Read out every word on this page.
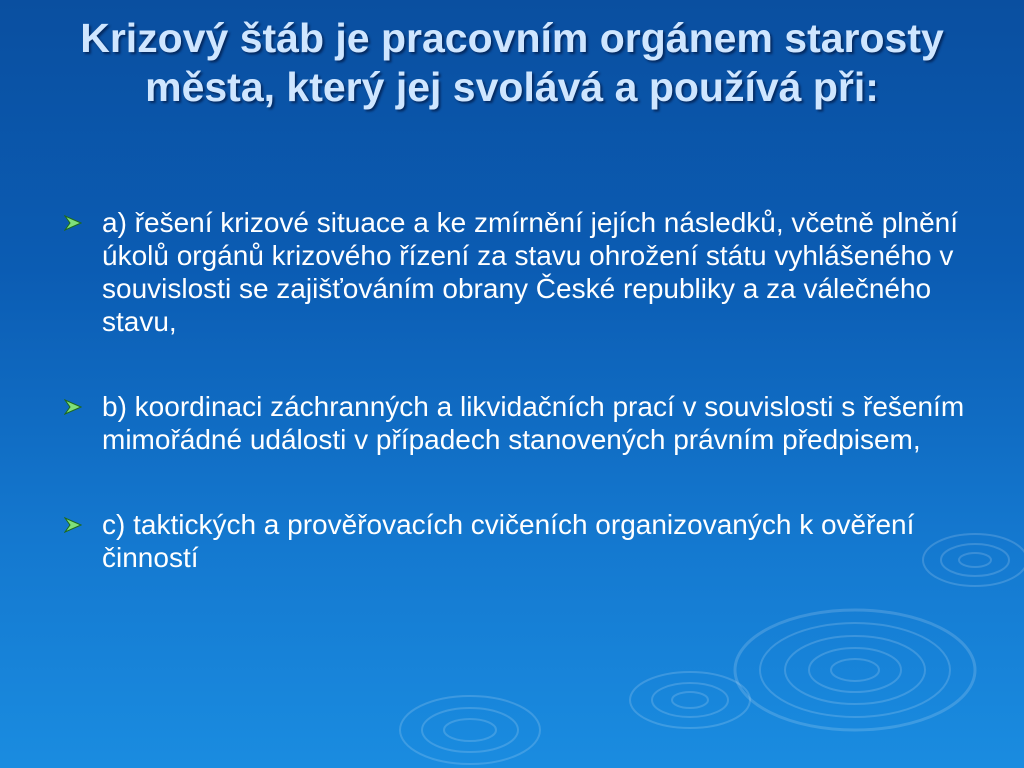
Krizový štáb je pracovním orgánem starosty města, který jej svolává a používá při:
a) řešení krizové situace a ke zmírnění jejích následků, včetně plnění úkolů orgánů krizového řízení za stavu ohrožení státu vyhlášeného v souvislosti se zajišťováním obrany České republiky a za válečného stavu,
b) koordinaci záchranných a likvidačních prací v souvislosti s řešením mimořádné události v případech stanovených právním předpisem,
c) taktických a prověřovacích cvičeních organizovaných k ověření činností
